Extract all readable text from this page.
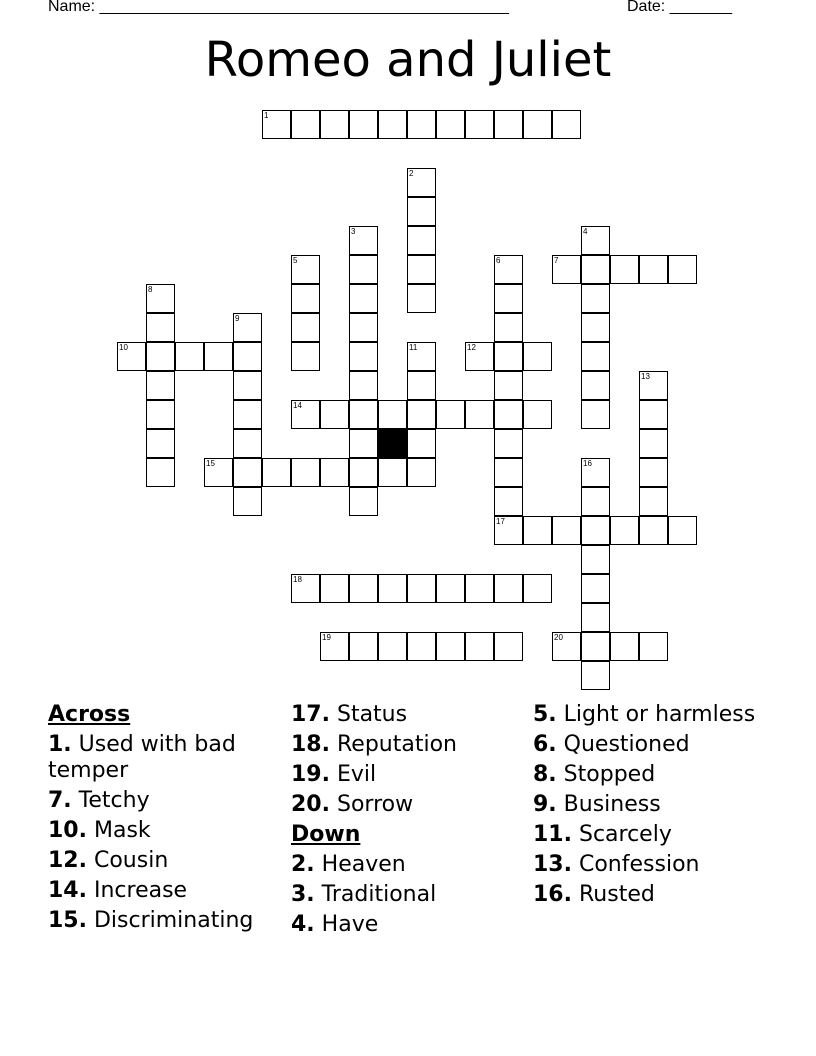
Name: ______________________________________________	Date: _______
Romeo and Juliet
1
2
3	4
5	6	7
8
9
10	11	12
13
14
15	16
17
18
19	20
Across
1. Used with bad temper
7. Tetchy
10. Mask
12. Cousin
14. Increase
15. Discriminating
17. Status
18. Reputation
19. Evil
20. Sorrow
Down
2. Heaven
3. Traditional
4. Have
5. Light or harmless
6. Questioned
8. Stopped
9. Business
11. Scarcely
13. Confession
16. Rusted
